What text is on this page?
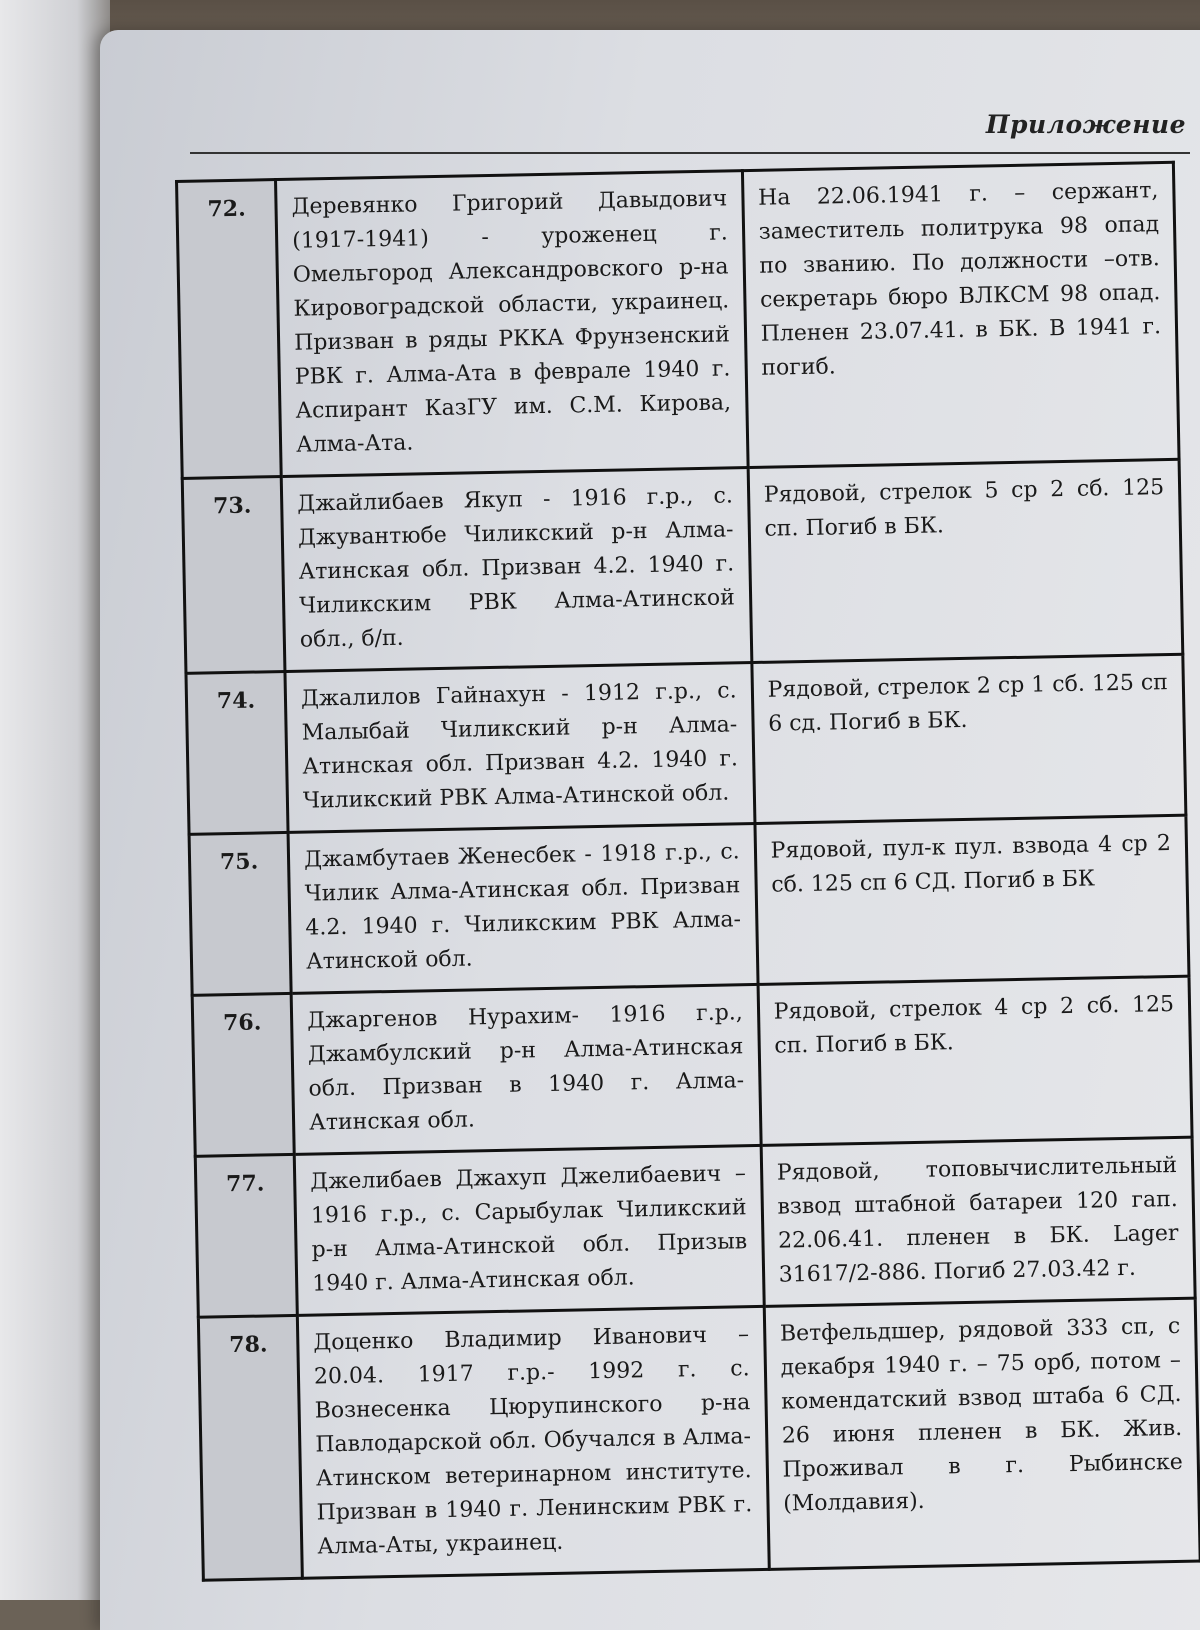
Приложение
72.	Деревянко Григорий Давыдович (1917-1941) - уроженец г. Омельгород Александровского р-на Кировоградской области, украинец. Призван в ряды РККА Фрунзенский РВК г. Алма-Ата в феврале 1940 г. Аспирант КазГУ им. С.М. Кирова, Алма-Ата.	На 22.06.1941 г. – сержант, заместитель политрука 98 опад по званию. По должности –отв. секретарь бюро ВЛКСМ 98 опад. Пленен 23.07.41. в БК. В 1941 г. погиб.
73.	Джайлибаев Якуп - 1916 г.р., с. Джувантюбе Чиликский р-н Алма-Атинская обл. Призван 4.2. 1940 г. Чиликским РВК Алма-Атинской обл., б/п.	Рядовой, стрелок 5 ср 2 сб. 125 сп. Погиб в БК.
74.	Джалилов Гайнахун - 1912 г.р., с. Малыбай Чиликский р-н Алма-Атинская обл. Призван 4.2. 1940 г. Чиликский РВК Алма-Атинской обл.	Рядовой, стрелок 2 ср 1 сб. 125 сп 6 сд. Погиб в БК.
75.	Джамбутаев Женесбек - 1918 г.р., с. Чилик Алма-Атинская обл. Призван 4.2. 1940 г. Чиликским РВК Алма-Атинской обл.	Рядовой, пул-к пул. взвода 4 ср 2 сб. 125 сп 6 СД. Погиб в БК
76.	Джаргенов Нурахим- 1916 г.р., Джамбулский р-н Алма-Атинская обл. Призван в 1940 г. Алма-Атинская обл.	Рядовой, стрелок 4 ср 2 сб. 125 сп. Погиб в БК.
77.	Джелибаев Джахуп Джелибаевич – 1916 г.р., с. Сарыбулак Чиликский р-н Алма-Атинской обл. Призыв 1940 г. Алма-Атинская обл.	Рядовой, топовычислительный взвод штабной батареи 120 гап. 22.06.41. пленен в БК. Lager 31617/2-886. Погиб 27.03.42 г.
78.	Доценко Владимир Иванович – 20.04. 1917 г.р.- 1992 г. с. Вознесенка Цюрупинского р-на Павлодарской обл. Обучался в Алма-Атинском ветеринарном институте. Призван в 1940 г. Ленинским РВК г. Алма-Аты, украинец.	Ветфельдшер, рядовой 333 сп, с декабря 1940 г. – 75 орб, потом – комендатский взвод штаба 6 СД. 26 июня пленен в БК. Жив. Проживал в г. Рыбинске (Молдавия).
